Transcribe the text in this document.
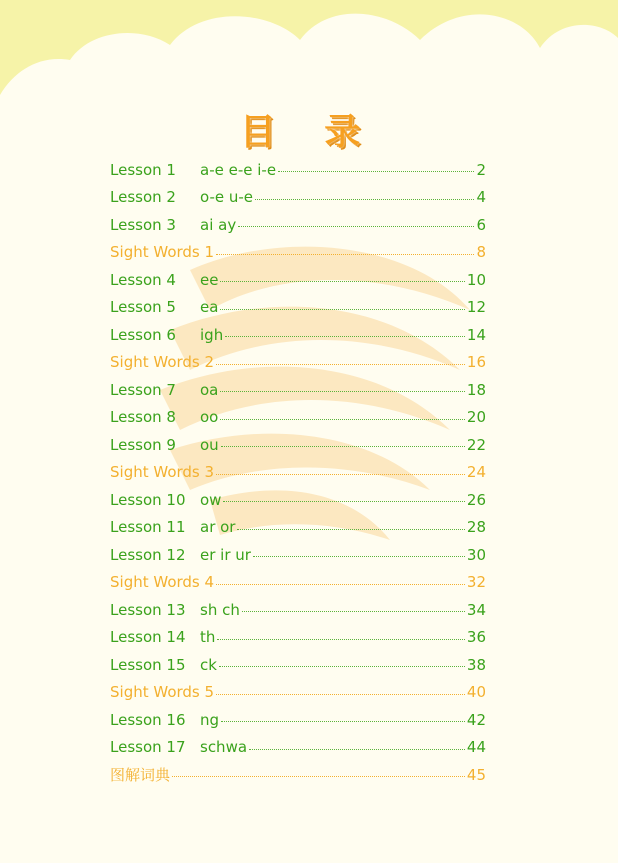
目 录
Lesson 1	a-e e-e i-e	2
Lesson 2	o-e u-e	4
Lesson 3	ai ay	6
Sight Words 1	8
Lesson 4	ee	10
Lesson 5	ea	12
Lesson 6	igh	14
Sight Words 2	16
Lesson 7	oa	18
Lesson 8	oo	20
Lesson 9	ou	22
Sight Words 3	24
Lesson 10 ow	26
Lesson 11 ar or	28
Lesson 12 er ir ur	30
Sight Words 4	32
Lesson 13 sh ch	34
Lesson 14 th	36
Lesson 15 ck	38
Sight Words 5	40
Lesson 16 ng	42
Lesson 17 schwa	44
图解词典	45
